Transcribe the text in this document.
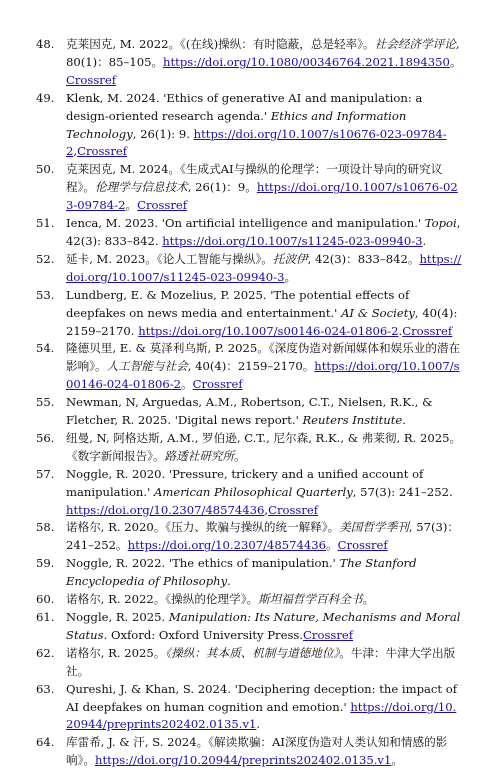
48. 克莱因克, M. 2022。《(在线)操纵：有时隐蔽，总是轻率》。社会经济学评论, 80(1)：85–105。https://doi.org/10.1080/00346764.2021.1894350。Crossref
49. Klenk, M. 2024. 'Ethics of generative AI and manipulation: a design-oriented research agenda.' Ethics and Information Technology, 26(1): 9. https://doi.org/10.1007/s10676-023-09784-2,Crossref
50. 克莱因克, M. 2024。《生成式AI与操纵的伦理学：一项设计导向的研究议程》。伦理学与信息技术, 26(1)：9。https://doi.org/10.1007/s10676-023-09784-2。Crossref
51. Ienca, M. 2023. 'On artificial intelligence and manipulation.' Topoi, 42(3): 833–842. https://doi.org/10.1007/s11245-023-09940-3.
52. 延卡, M. 2023。《论人工智能与操纵》。托波伊, 42(3)：833–842。https://doi.org/10.1007/s11245-023-09940-3。
53. Lundberg, E. & Mozelius, P. 2025. 'The potential effects of deepfakes on news media and entertainment.' AI & Society, 40(4): 2159–2170. https://doi.org/10.1007/s00146-024-01806-2.Crossref
54. 隆德贝里, E. & 莫泽利乌斯, P. 2025。《深度伪造对新闻媒体和娱乐业的潜在影响》。人工智能与社会, 40(4)：2159–2170。https://doi.org/10.1007/s00146-024-01806-2。Crossref
55. Newman, N, Arguedas, A.M., Robertson, C.T., Nielsen, R.K., & Fletcher, R. 2025. 'Digital news report.' Reuters Institute.
56. 纽曼, N, 阿格达斯, A.M., 罗伯逊, C.T., 尼尔森, R.K., & 弗莱彻, R. 2025。《数字新闻报告》。路透社研究所。
57. Noggle, R. 2020. 'Pressure, trickery and a unified account of manipulation.' American Philosophical Quarterly, 57(3): 241–252. https://doi.org/10.2307/48574436,Crossref
58. 诺格尔, R. 2020。《压力、欺骗与操纵的统一解释》。美国哲学季刊, 57(3)：241–252。https://doi.org/10.2307/48574436。Crossref
59. Noggle, R. 2022. 'The ethics of manipulation.' The Stanford Encyclopedia of Philosophy.
60. 诺格尔, R. 2022。《操纵的伦理学》。斯坦福哲学百科全书。
61. Noggle, R. 2025. Manipulation: Its Nature, Mechanisms and Moral Status. Oxford: Oxford University Press.Crossref
62. 诺格尔, R. 2025。《操纵：其本质、机制与道德地位》。牛津：牛津大学出版社。
63. Qureshi, J. & Khan, S. 2024. 'Deciphering deception: the impact of AI deepfakes on human cognition and emotion.' https://doi.org/10.20944/preprints202402.0135.v1.
64. 库雷希, J. & 汗, S. 2024。《解读欺骗：AI深度伪造对人类认知和情感的影响》。https://doi.org/10.20944/preprints202402.0135.v1。
